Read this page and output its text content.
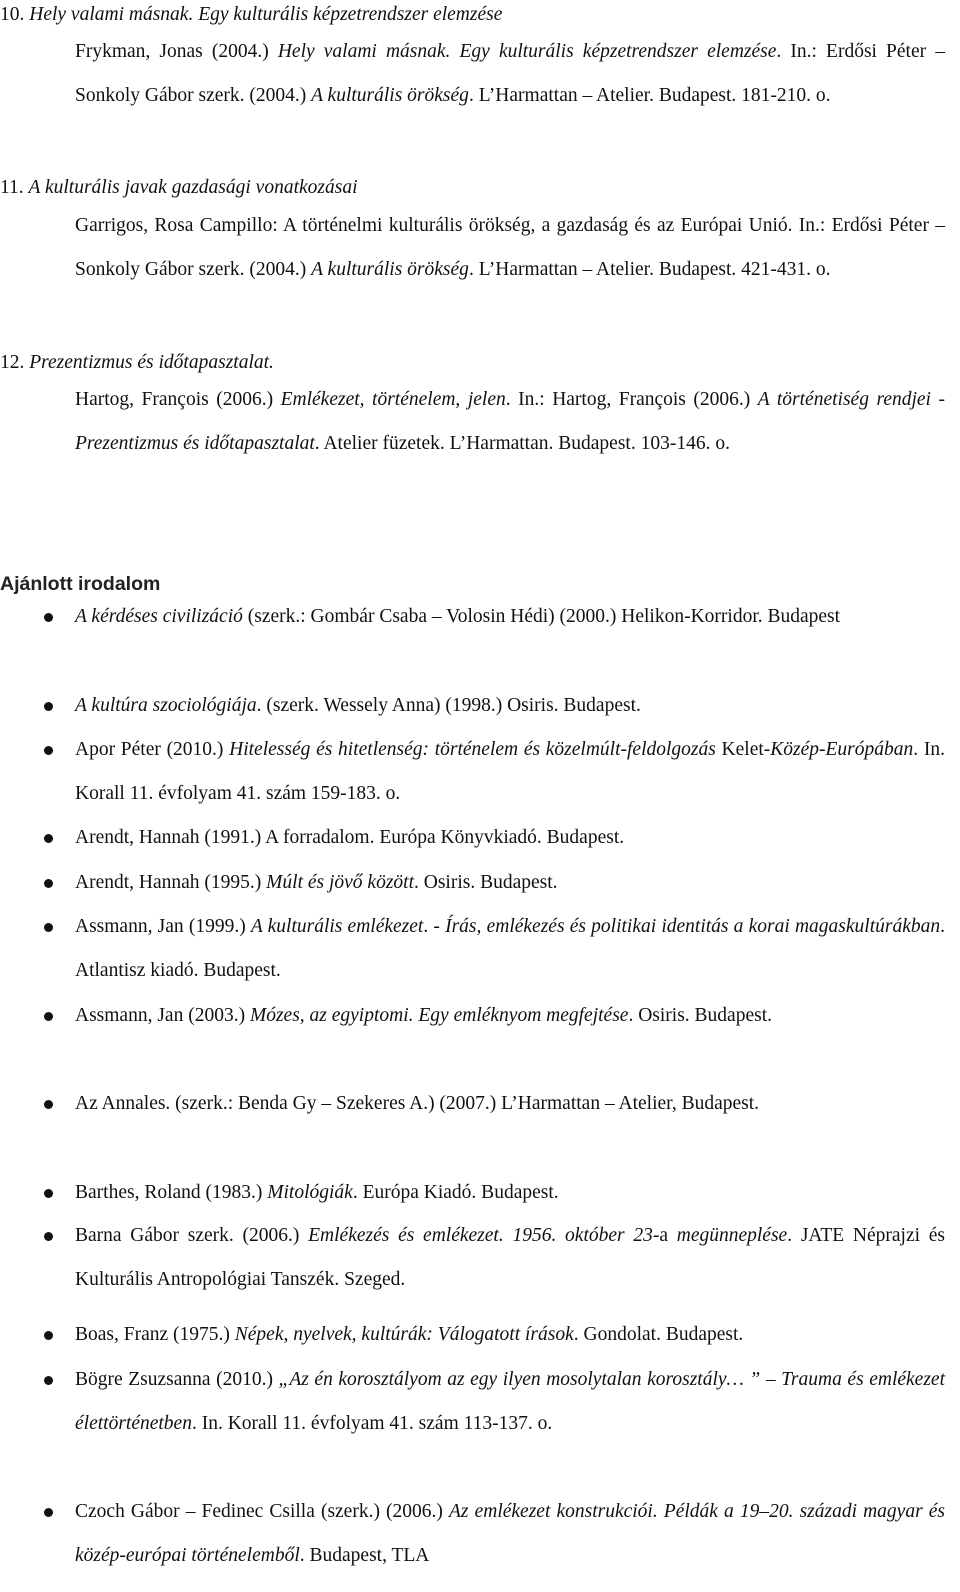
10. Hely valami másnak. Egy kulturális képzetrendszer elemzése
Frykman, Jonas (2004.) Hely valami másnak. Egy kulturális képzetrendszer elemzése. In.: Erdősi Péter – Sonkoly Gábor szerk. (2004.) A kulturális örökség. L’Harmattan – Atelier. Budapest. 181-210. o.
11. A kulturális javak gazdasági vonatkozásai
Garrigos, Rosa Campillo: A történelmi kulturális örökség, a gazdaság és az Európai Unió. In.: Erdősi Péter – Sonkoly Gábor szerk. (2004.) A kulturális örökség. L’Harmattan – Atelier. Budapest. 421-431. o.
12. Prezentizmus és időtapasztalat.
Hartog, François (2006.) Emlékezet, történelem, jelen. In.: Hartog, François (2006.) A történetiség rendjei - Prezentizmus és időtapasztalat. Atelier füzetek. L’Harmattan. Budapest. 103-146. o.
Ajánlott irodalom
A kérdéses civilizáció (szerk.: Gombár Csaba – Volosin Hédi) (2000.) Helikon-Korridor. Budapest
A kultúra szociológiája. (szerk. Wessely Anna) (1998.) Osiris. Budapest.
Apor Péter (2010.) Hitelesség és hitetlenség: történelem és közelmúlt-feldolgozás Kelet-Közép-Európában. In. Korall 11. évfolyam 41. szám 159-183. o.
Arendt, Hannah (1991.) A forradalom. Európa Könyvkiadó. Budapest.
Arendt, Hannah (1995.) Múlt és jövő között. Osiris. Budapest.
Assmann, Jan (1999.) A kulturális emlékezet. - Írás, emlékezés és politikai identitás a korai magaskultúrákban. Atlantisz kiadó. Budapest.
Assmann, Jan (2003.) Mózes, az egyiptomi. Egy emléknyom megfejtése. Osiris. Budapest.
Az Annales. (szerk.: Benda Gy – Szekeres A.) (2007.) L’Harmattan – Atelier, Budapest.
Barthes, Roland (1983.) Mitológiák. Európa Kiadó. Budapest.
Barna Gábor szerk. (2006.) Emlékezés és emlékezet. 1956. október 23-a megünneplése. JATE Néprajzi és Kulturális Antropológiai Tanszék. Szeged.
Boas, Franz (1975.) Népek, nyelvek, kultúrák: Válogatott írások. Gondolat. Budapest.
Bögre Zsuzsanna (2010.) „Az én korosztályom az egy ilyen mosolytalan korosztály… ” – Trauma és emlékezet élettörténetben. In. Korall 11. évfolyam 41. szám 113-137. o.
Czoch Gábor – Fedinec Csilla (szerk.) (2006.) Az emlékezet konstrukciói. Példák a 19–20. századi magyar és közép-európai történelemből. Budapest, TLA
